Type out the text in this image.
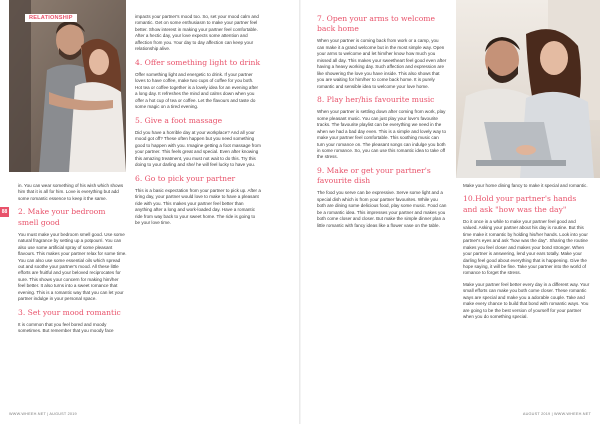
RELATIONSHIP
88

in. You can wear something of his wish which shows him that it is all for him. Love is everything but add some romantic essence to keep it the same.

2. Make your bedroom smell good

You must make your bedroom smell good. Use some natural fragrance by setting up a potpourri. You can also use some artificial spray of some pleasant flavours. This makes your partner relax for some time. You can also use some essential oils which spread out and soothe your partner's mood. All these little efforts are fruitful and your beloved reciprocates for sure. This shows your concern for making him/her feel better. It also turns into a sweet romance that evening. This is a romantic way that you can let your partner indulge in your personal space.

3. Set your mood romantic

It is common that you feel bored and moody sometimes. But remember that you moody face

impacts your partner's mood too. So, set your mood calm and romantic. Get on some enthusiasm to make your partner feel better. Show interest in making your partner feel comfortable. After a hectic day, your love expects some attention and affection from you. Your day to day affection can keep your relationship alive.

4. Offer something light to drink

Offer something light and energetic to drink. If your partner loves to have coffee, make two cups of coffee for you both. Hot tea or coffee together is a lovely idea for an evening after a long day. It refreshes the mind and calms down when you offer a hot cup of tea or coffee. Let the flavours and taste do some magic on a tired evening.

5. Give a foot massage

Did you have a horrible day at your workplace? And all your mood got off? These often happen but you need something good to happen with you. Imagine getting a foot massage from your partner. This feels great and special. Even after knowing this amazing treatment, you must not wait to do this. Try this doing to your darling and she/ he will feel lucky to have you.

6. Go to pick your partner

This is a basic expectation from your partner to pick up. After a tiring day, your partner would love to make to have a pleasant ride with you. This makes your partner feel better than anything after a long and work-loaded day. Have a romantic ride from way back to your sweet home. The ride is going to be your love time.

WWW.WHEEH.NET | AUGUST 2019
7. Open your arms to welcome back home

When your partner is coming back from work or a camp, you can make it a grand welcome but in the most simple way. Open your arms to welcome and let him/her know how much you missed all day. This makes your sweetheart feel good even after having a heavy working day. Such affection and expression are like showering the love you have inside. This also shows that you are waiting for him/her to come back home. It is purely romantic and sensible idea to welcome your love home.

8. Play her/his favourite music

When your partner is settling down after coming from work, play some pleasant music. You can just play your love's favourite tracks. The favourite playlist can be everything we need in the when we had a bad day even. This is a simple and lovely way to make your partner feel comfortable. This soothing music can turn your romance on. The pleasant songs can indulge you both in some romance. So, you can use this romantic idea to take off the stress.

9. Make or get your partner's favourite dish

The food you serve can be expressive. Serve some light and a special dish which is from your partner favourites. While you both are dining some delicious food, play some music. Food can be a romantic idea. This impresses your partner and makes you both come closer and closer. But make the simple dinner plan a little romantic with fancy ideas like a flower vase on the table.

Make your home dining fancy to make it special and romantic.

10.Hold your partner's hands and ask "how was the day"

Do it once in a while to make your partner feel good and valued. Asking your partner about his day is routine. But this time make it romantic by holding his/her hands. Look into your partner's eyes and ask "how was the day". Sharing the routine makes you feel closer and makes your bond stronger. When your partner is answering, lend your ears totally. Make your darling feel good about everything that is happening. Give the hope saying, it will be fine. Take your partner into the world of romance to forget the stress.

Make your partner feel better every day in a different way. Your small efforts can make you both come closer. These romantic ways are special and make you a adorable couple. Take and make every chance to build that bond with romantic ways. You are going to be the best version of yourself for your partner when you do something special.

AUGUST 2019 | WWW.WHEEH.NET
